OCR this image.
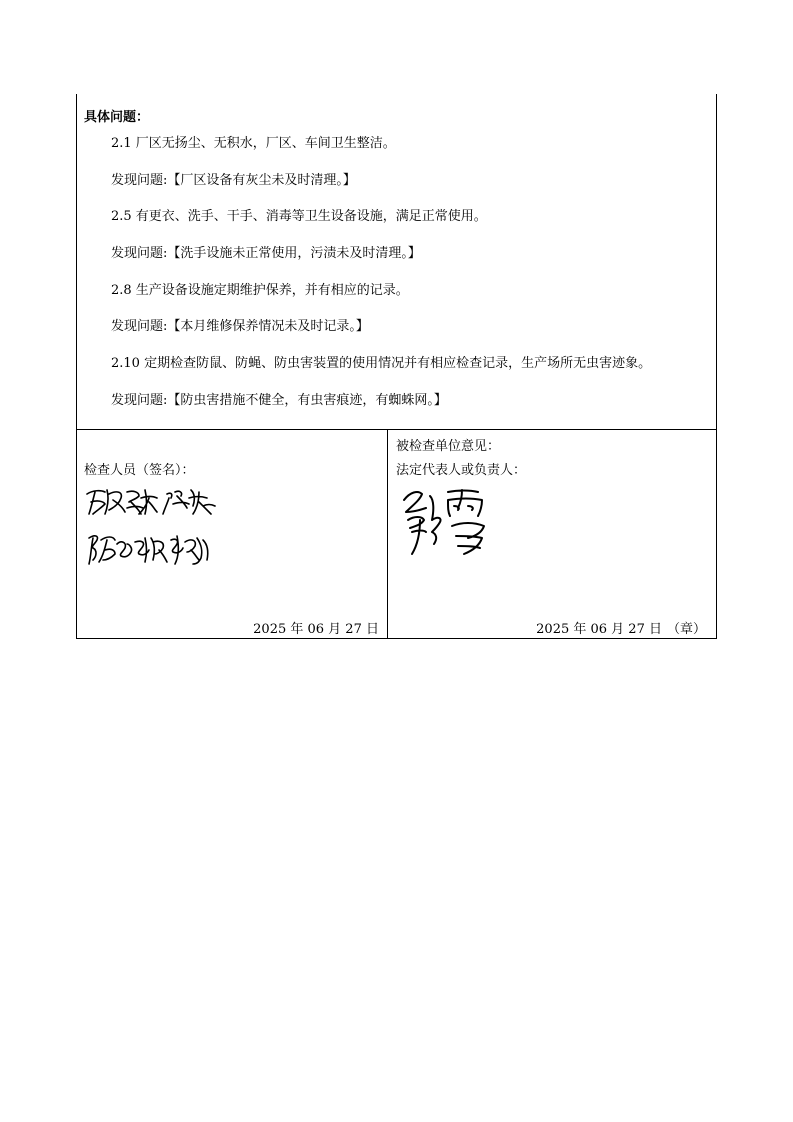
具体问题：
2.1 厂区无扬尘、无积水，厂区、车间卫生整洁。
发现问题:【厂区设备有灰尘未及时清理。】
2.5 有更衣、洗手、干手、消毒等卫生设备设施，满足正常使用。
发现问题:【洗手设施未正常使用，污渍未及时清理。】
2.8 生产设备设施定期维护保养，并有相应的记录。
发现问题:【本月维修保养情况未及时记录。】
2.10 定期检查防鼠、防蝇、防虫害装置的使用情况并有相应检查记录，生产场所无虫害迹象。
发现问题:【防虫害措施不健全，有虫害痕迹，有蜘蛛网。】
检查人员（签名）：
2025 年 06 月 27 日
被检查单位意见：
法定代表人或负责人：
2025 年 06 月 27 日 （章）
